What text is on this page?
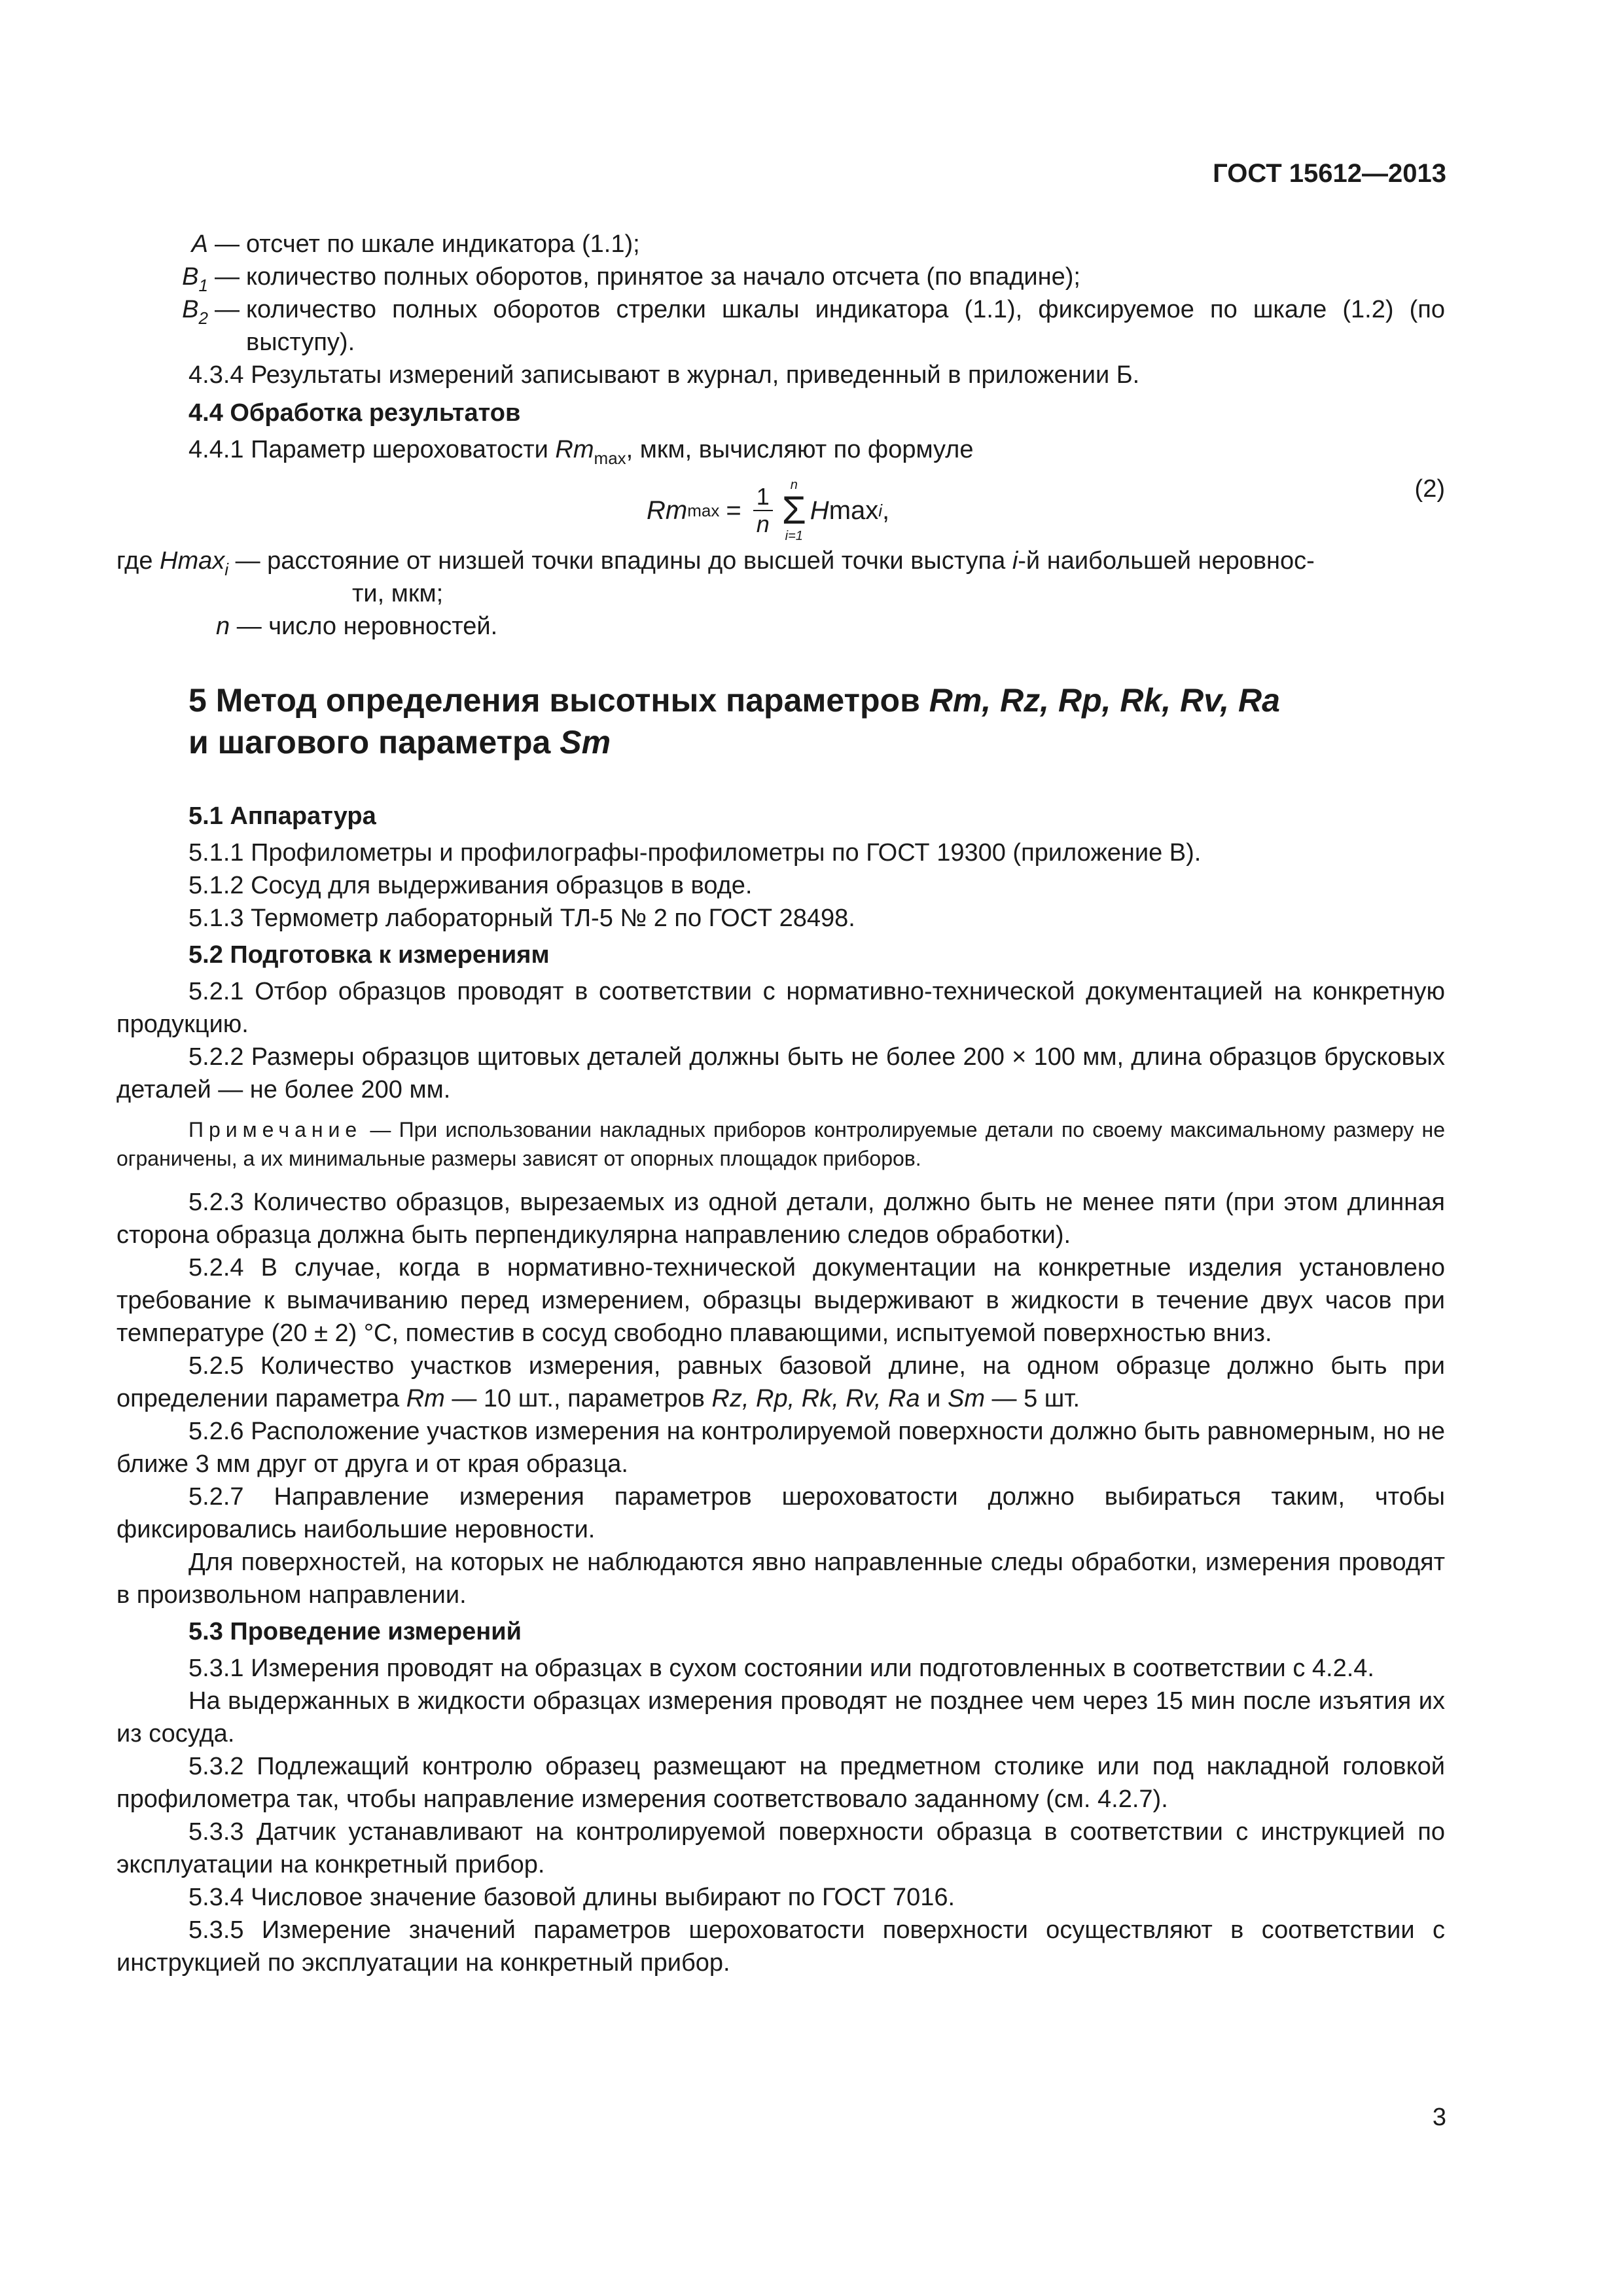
ГОСТ 15612—2013
A — отсчет по шкале индикатора (1.1);
$B_1$ — количество полных оборотов, принятое за начало отсчета (по впадине);
$B_2$ — количество полных оборотов стрелки шкалы индикатора (1.1), фиксируемое по шкале (1.2) (по выступу).

4.3.4 Результаты измерений записывают в журнал, приведенный в приложении Б.

4.4 Обработка результатов

4.4.1 Параметр шероховатости $Rm_{max}$, мкм, вычисляют по формуле

Rm $\max = \frac{1}{n}$ n
Σ
i=1
H max i ,
(2)
где Hmax$_i$ — расстояние от низшей точки впадины до высшей точки выступа i-й наибольшей неровнос-
ти, мкм;
n — число неровностей.
5 Метод определения высотных параметров Rm, Rz, Rp, Rk, Rv, Ra
и шагового параметра Sm
5.1 Аппаратура

5.1.1 Профилометры и профилографы-профилометры по ГОСТ 19300 (приложение В).

5.1.2 Сосуд для выдерживания образцов в воде.

5.1.3 Термометр лабораторный ТЛ-5 № 2 по ГОСТ 28498.

5.2 Подготовка к измерениям

5.2.1 Отбор образцов проводят в соответствии с нормативно-технической документацией на конкретную продукцию.

5.2.2 Размеры образцов щитовых деталей должны быть не более 200 × 100 мм, длина образцов брусковых деталей — не более 200 мм.

Примечание — При использовании накладных приборов контролируемые детали по своему максимальному размеру не ограничены, а их минимальные размеры зависят от опорных площадок приборов.

5.2.3 Количество образцов, вырезаемых из одной детали, должно быть не менее пяти (при этом длинная сторона образца должна быть перпендикулярна направлению следов обработки).

5.2.4 В случае, когда в нормативно-технической документации на конкретные изделия установлено требование к вымачиванию перед измерением, образцы выдерживают в жидкости в течение двух часов при температуре (20 ± 2) °С, поместив в сосуд свободно плавающими, испытуемой поверхностью вниз.

5.2.5 Количество участков измерения, равных базовой длине, на одном образце должно быть при определении параметра Rm — 10 шт., параметров Rz, Rp, Rk, Rv, Ra и Sm — 5 шт.

5.2.6 Расположение участков измерения на контролируемой поверхности должно быть равномерным, но не ближе 3 мм друг от друга и от края образца.

5.2.7 Направление измерения параметров шероховатости должно выбираться таким, чтобы фиксировались наибольшие неровности.

Для поверхностей, на которых не наблюдаются явно направленные следы обработки, измерения проводят в произвольном направлении.

5.3 Проведение измерений

5.3.1 Измерения проводят на образцах в сухом состоянии или подготовленных в соответствии с 4.2.4.

На выдержанных в жидкости образцах измерения проводят не позднее чем через 15 мин после изъятия их из сосуда.

5.3.2 Подлежащий контролю образец размещают на предметном столике или под накладной головкой профилометра так, чтобы направление измерения соответствовало заданному (см. 4.2.7).

5.3.3 Датчик устанавливают на контролируемой поверхности образца в соответствии с инструкцией по эксплуатации на конкретный прибор.

5.3.4 Числовое значение базовой длины выбирают по ГОСТ 7016.

5.3.5 Измерение значений параметров шероховатости поверхности осуществляют в соответствии с инструкцией по эксплуатации на конкретный прибор.

3
